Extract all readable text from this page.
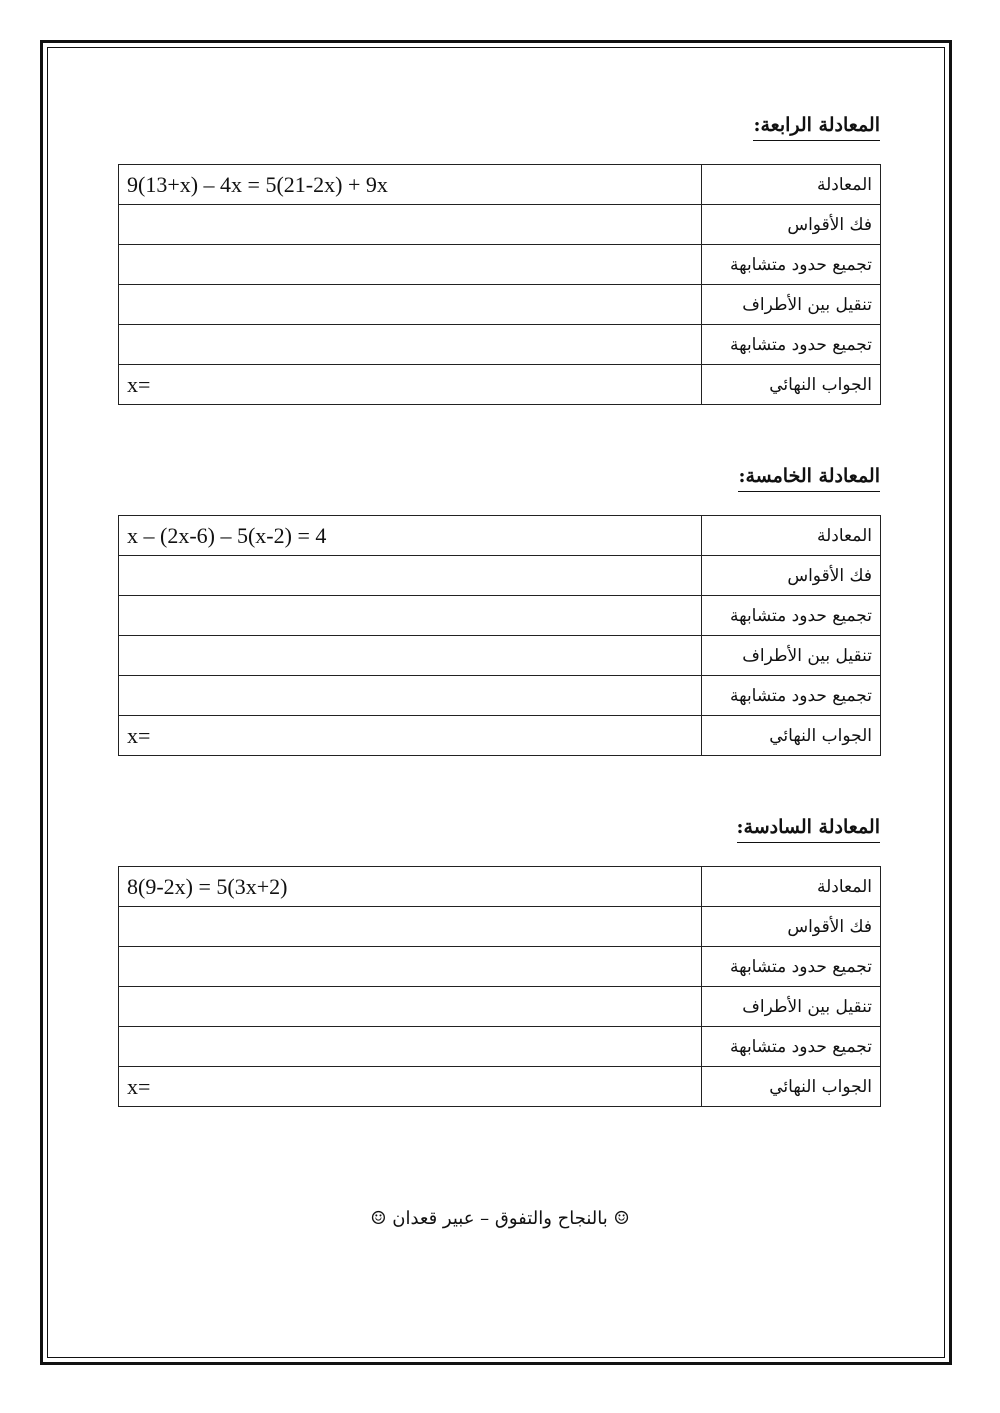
المعادلة الرابعة:
9(13+x) – 4x = 5(21-2x) + 9x	المعادلة
	فك الأقواس
	تجميع حدود متشابهة
	تنقيل بين الأطراف
	تجميع حدود متشابهة
x=	الجواب النهائي
المعادلة الخامسة:
x – (2x-6) – 5(x-2) = 4	المعادلة
	فك الأقواس
	تجميع حدود متشابهة
	تنقيل بين الأطراف
	تجميع حدود متشابهة
x=	الجواب النهائي
المعادلة السادسة:
8(9-2x) = 5(3x+2)	المعادلة
	فك الأقواس
	تجميع حدود متشابهة
	تنقيل بين الأطراف
	تجميع حدود متشابهة
x=	الجواب النهائي
☺ بالنجاح والتفوق – عبير قعدان ☺
